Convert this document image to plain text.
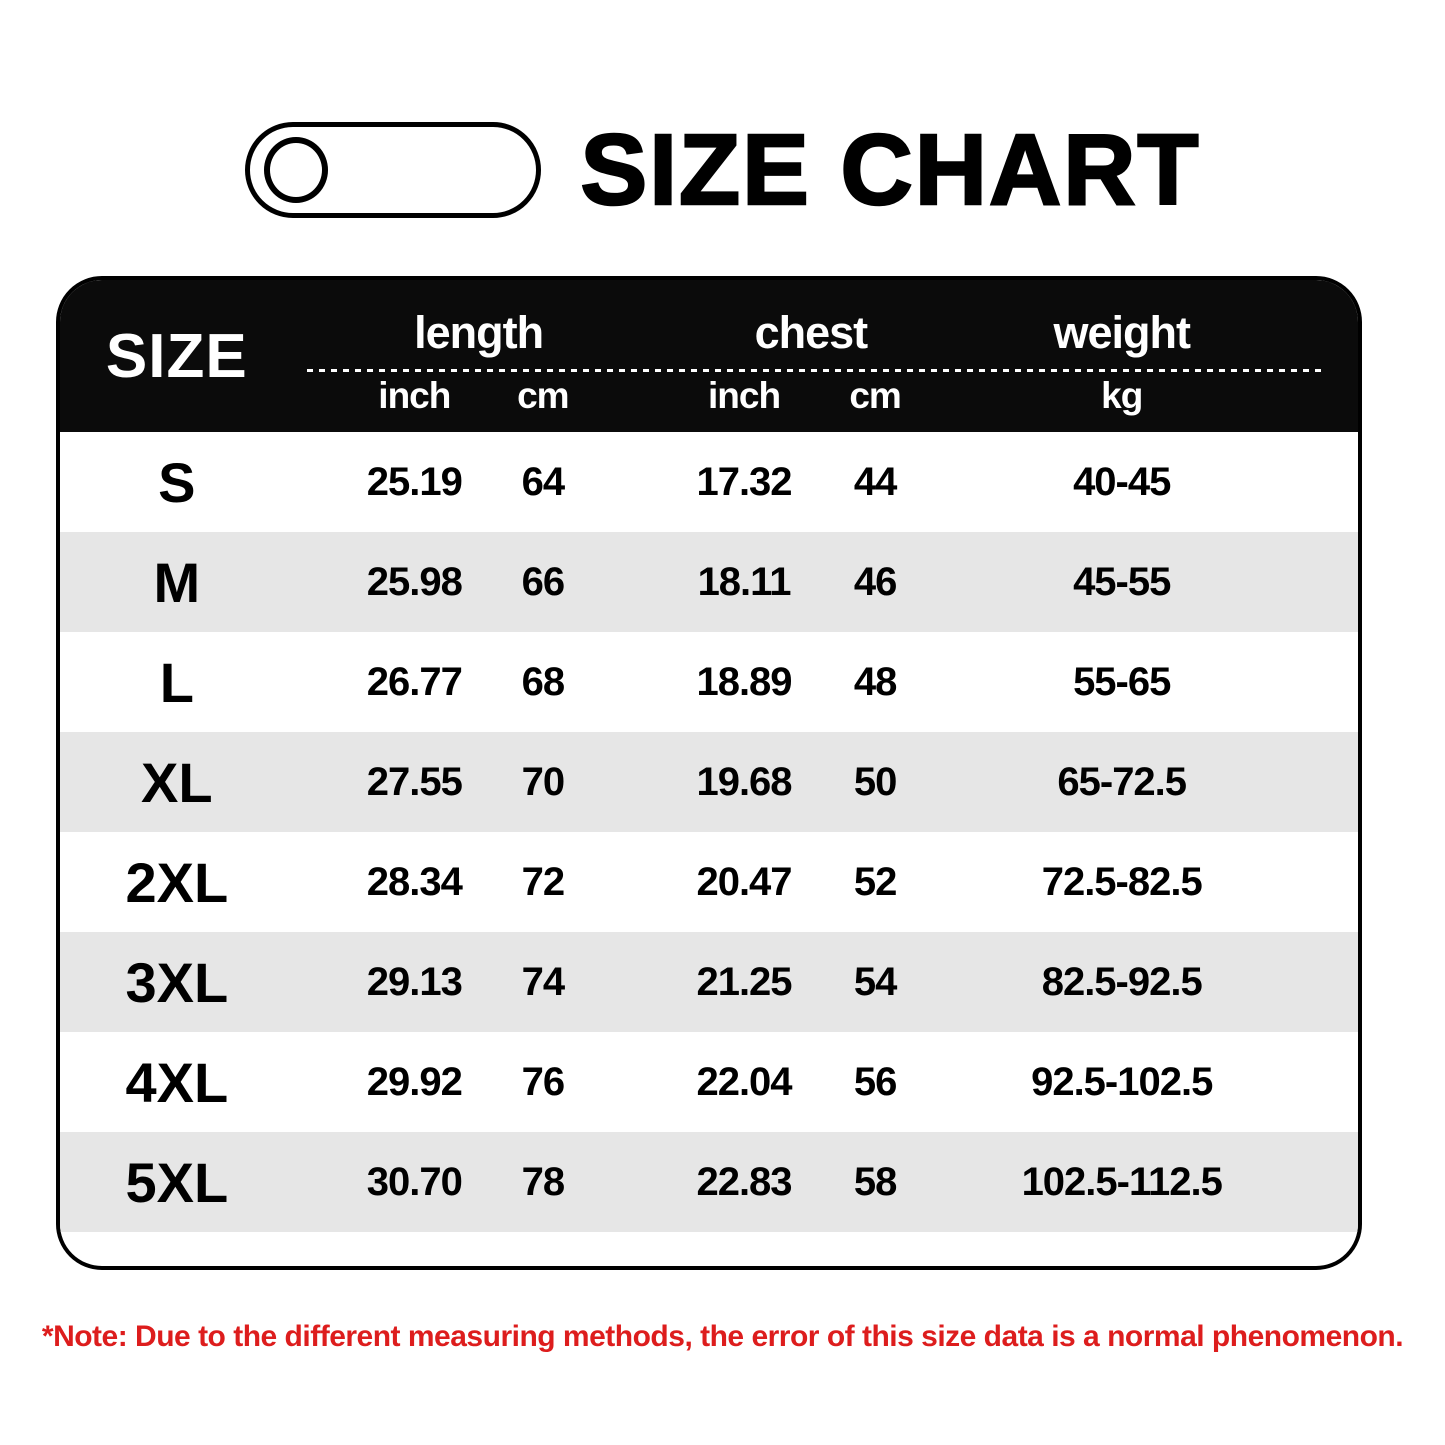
SIZE CHART
SIZE	length	chest	weight
inch cm	inch cm	kg
S	25.19 64	17.32 44	40-45
M	25.98 66	18.11 46	45-55
L	26.77 68	18.89 48	55-65
XL	27.55 70	19.68 50	65-72.5
2XL	28.34 72	20.47 52	72.5-82.5
3XL	29.13 74	21.25 54	82.5-92.5
4XL	29.92 76	22.04 56	92.5-102.5
5XL	30.70 78	22.83 58	102.5-112.5
*Note: Due to the different measuring methods, the error of this size data is a normal phenomenon.
